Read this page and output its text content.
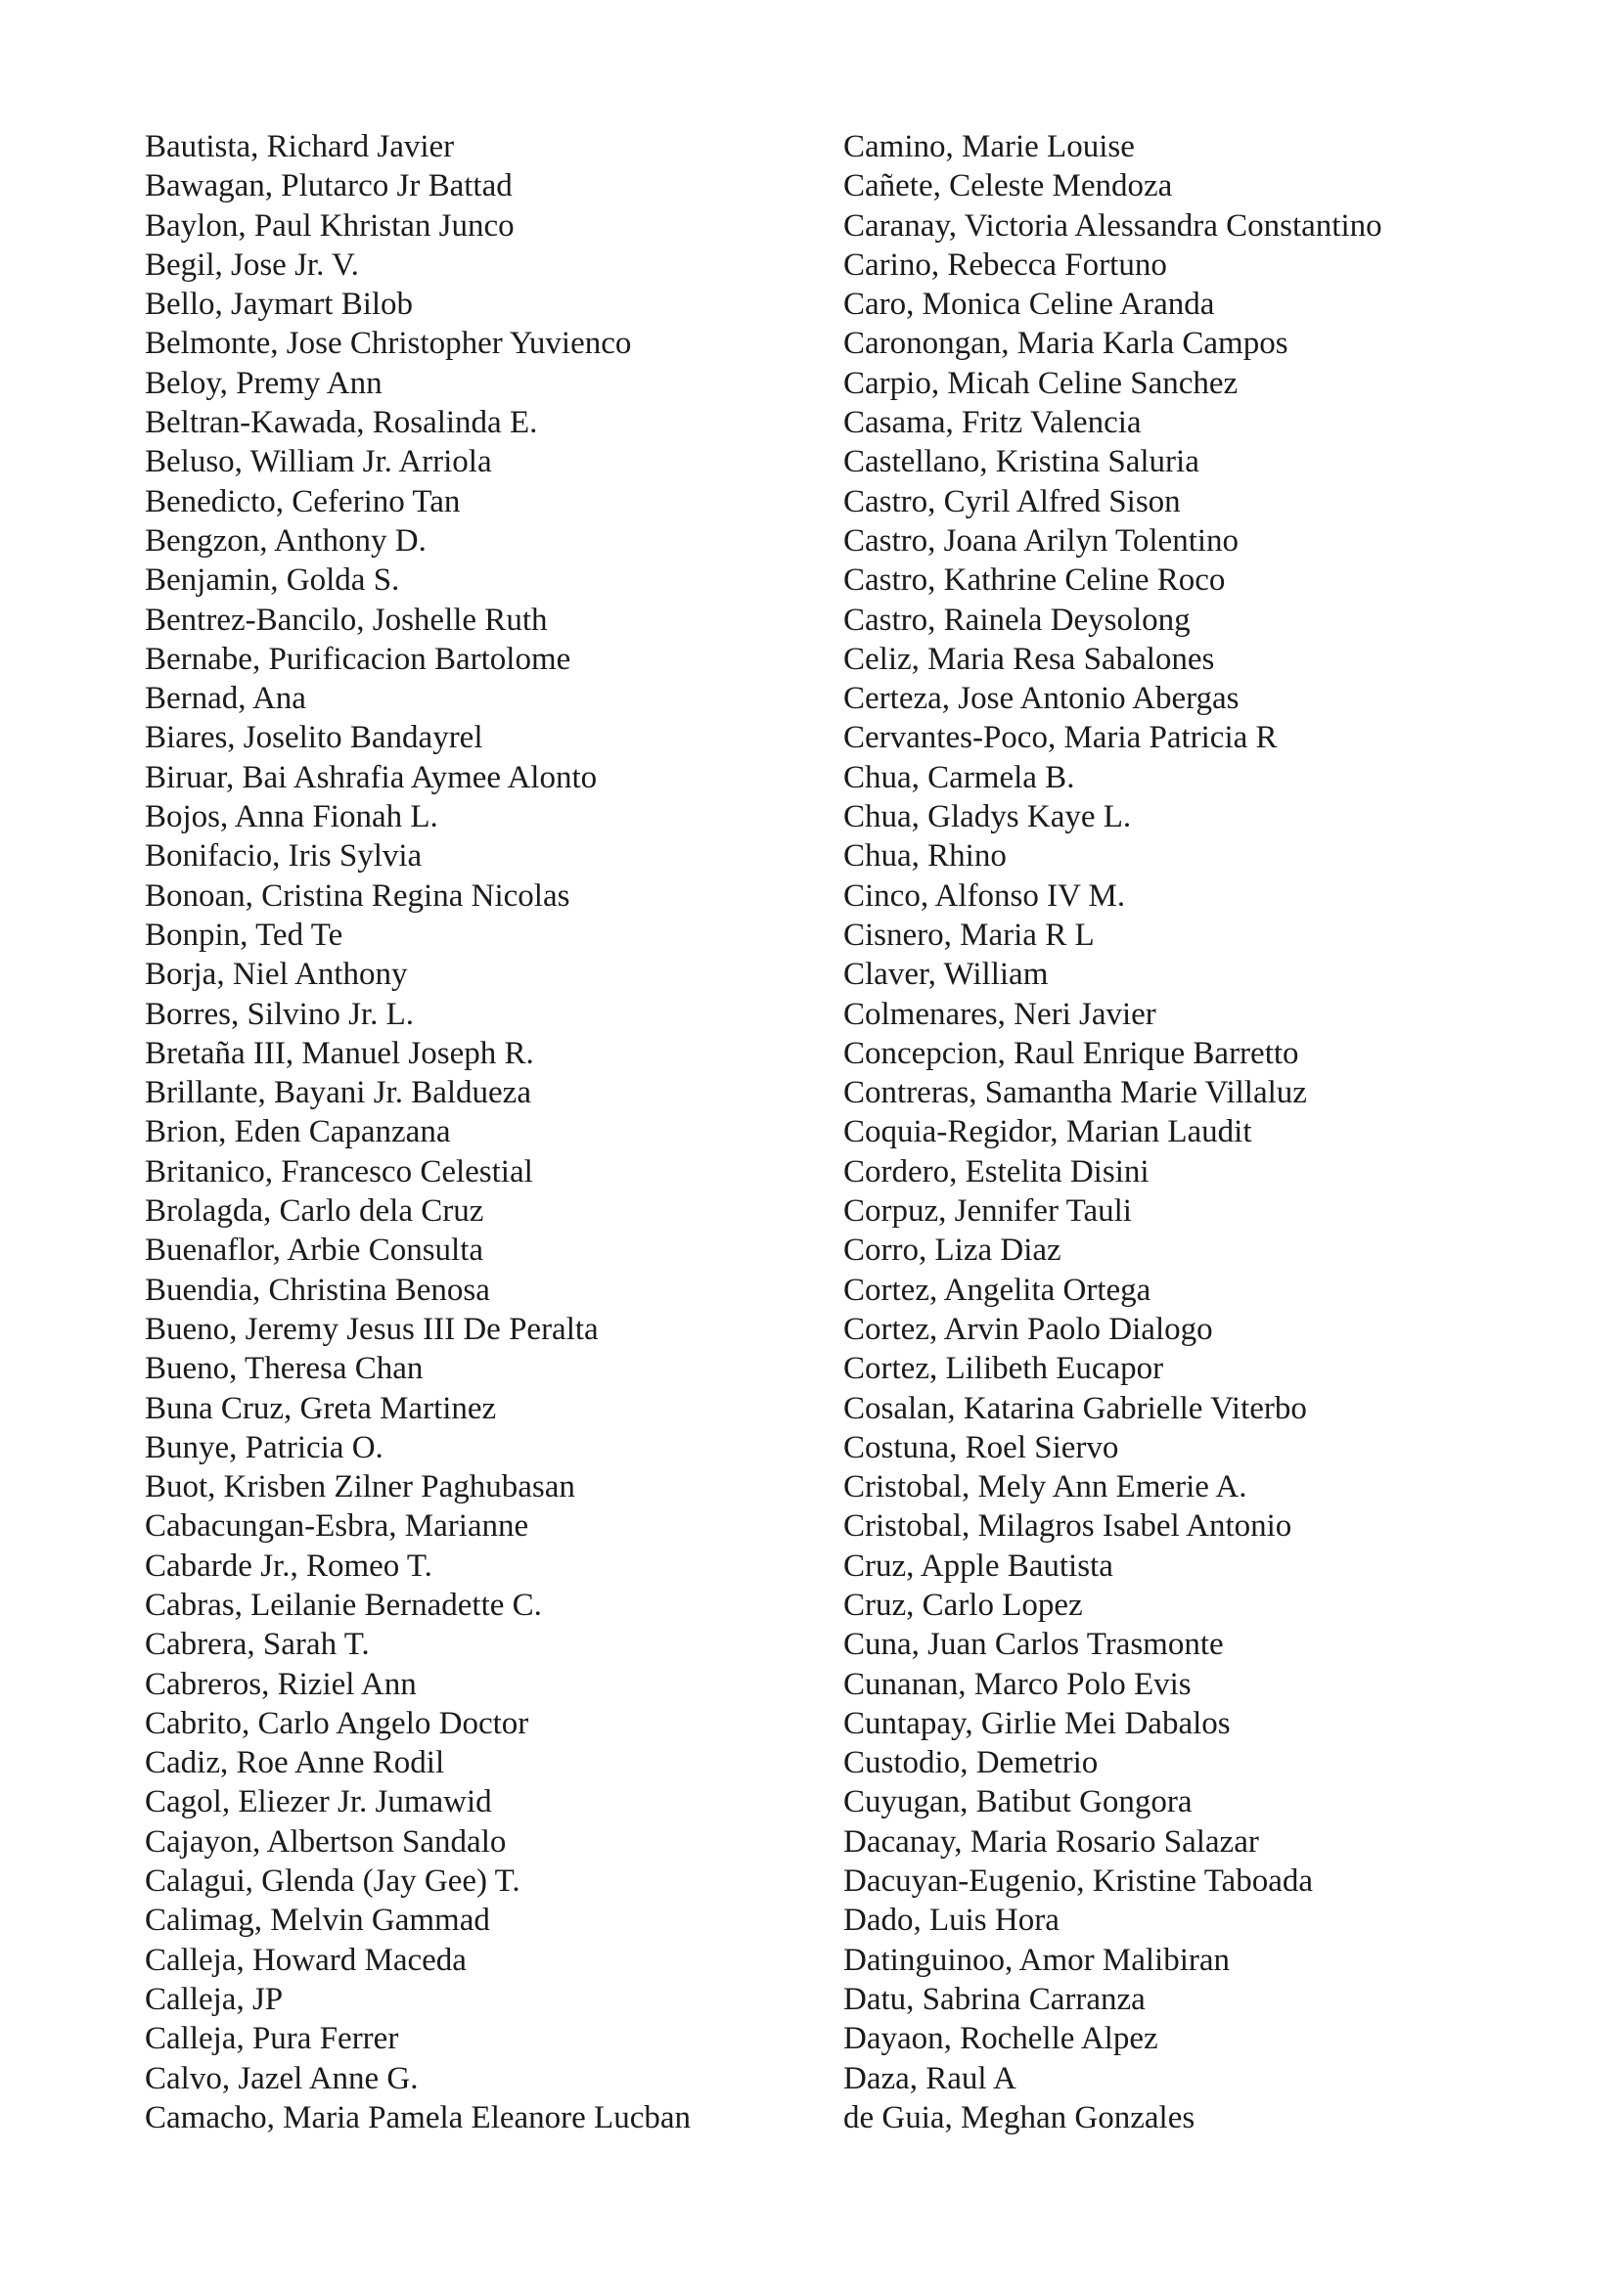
Bautista, Richard Javier
Bawagan, Plutarco Jr Battad
Baylon, Paul Khristan Junco
Begil, Jose Jr. V.
Bello, Jaymart Bilob
Belmonte, Jose Christopher Yuvienco
Beloy, Premy Ann
Beltran-Kawada, Rosalinda E.
Beluso, William Jr. Arriola
Benedicto, Ceferino Tan
Bengzon, Anthony D.
Benjamin, Golda S.
Bentrez-Bancilo, Joshelle Ruth
Bernabe, Purificacion Bartolome
Bernad, Ana
Biares, Joselito Bandayrel
Biruar, Bai Ashrafia Aymee Alonto
Bojos, Anna Fionah L.
Bonifacio, Iris Sylvia
Bonoan, Cristina Regina Nicolas
Bonpin, Ted Te
Borja, Niel Anthony
Borres, Silvino Jr. L.
Bretaña III, Manuel Joseph R.
Brillante, Bayani Jr. Baldueza
Brion, Eden Capanzana
Britanico, Francesco Celestial
Brolagda, Carlo dela Cruz
Buenaflor, Arbie Consulta
Buendia, Christina Benosa
Bueno, Jeremy Jesus III De Peralta
Bueno, Theresa Chan
Buna Cruz, Greta Martinez
Bunye, Patricia O.
Buot, Krisben Zilner Paghubasan
Cabacungan-Esbra, Marianne
Cabarde Jr., Romeo T.
Cabras, Leilanie Bernadette C.
Cabrera, Sarah T.
Cabreros, Riziel Ann
Cabrito, Carlo Angelo Doctor
Cadiz, Roe Anne Rodil
Cagol, Eliezer Jr. Jumawid
Cajayon, Albertson Sandalo
Calagui, Glenda (Jay Gee) T.
Calimag, Melvin Gammad
Calleja, Howard Maceda
Calleja, JP
Calleja, Pura Ferrer
Calvo, Jazel Anne G.
Camacho, Maria Pamela Eleanore Lucban
Camino, Marie Louise
Cañete, Celeste Mendoza
Caranay, Victoria Alessandra Constantino
Carino, Rebecca Fortuno
Caro, Monica Celine Aranda
Caronongan, Maria Karla Campos
Carpio, Micah Celine Sanchez
Casama, Fritz Valencia
Castellano, Kristina Saluria
Castro, Cyril Alfred Sison
Castro, Joana Arilyn Tolentino
Castro, Kathrine Celine Roco
Castro, Rainela Deysolong
Celiz, Maria Resa Sabalones
Certeza, Jose Antonio Abergas
Cervantes-Poco, Maria Patricia R
Chua, Carmela B.
Chua, Gladys Kaye L.
Chua, Rhino
Cinco, Alfonso IV M.
Cisnero, Maria R L
Claver, William
Colmenares, Neri Javier
Concepcion, Raul Enrique Barretto
Contreras, Samantha Marie Villaluz
Coquia-Regidor, Marian Laudit
Cordero, Estelita Disini
Corpuz, Jennifer Tauli
Corro, Liza Diaz
Cortez, Angelita Ortega
Cortez, Arvin Paolo Dialogo
Cortez, Lilibeth Eucapor
Cosalan, Katarina Gabrielle Viterbo
Costuna, Roel Siervo
Cristobal, Mely Ann Emerie A.
Cristobal, Milagros Isabel Antonio
Cruz, Apple Bautista
Cruz, Carlo Lopez
Cuna, Juan Carlos Trasmonte
Cunanan, Marco Polo Evis
Cuntapay, Girlie Mei Dabalos
Custodio, Demetrio
Cuyugan, Batibut Gongora
Dacanay, Maria Rosario Salazar
Dacuyan-Eugenio, Kristine Taboada
Dado, Luis Hora
Datinguinoo, Amor Malibiran
Datu, Sabrina Carranza
Dayaon, Rochelle Alpez
Daza, Raul A
de Guia, Meghan Gonzales
